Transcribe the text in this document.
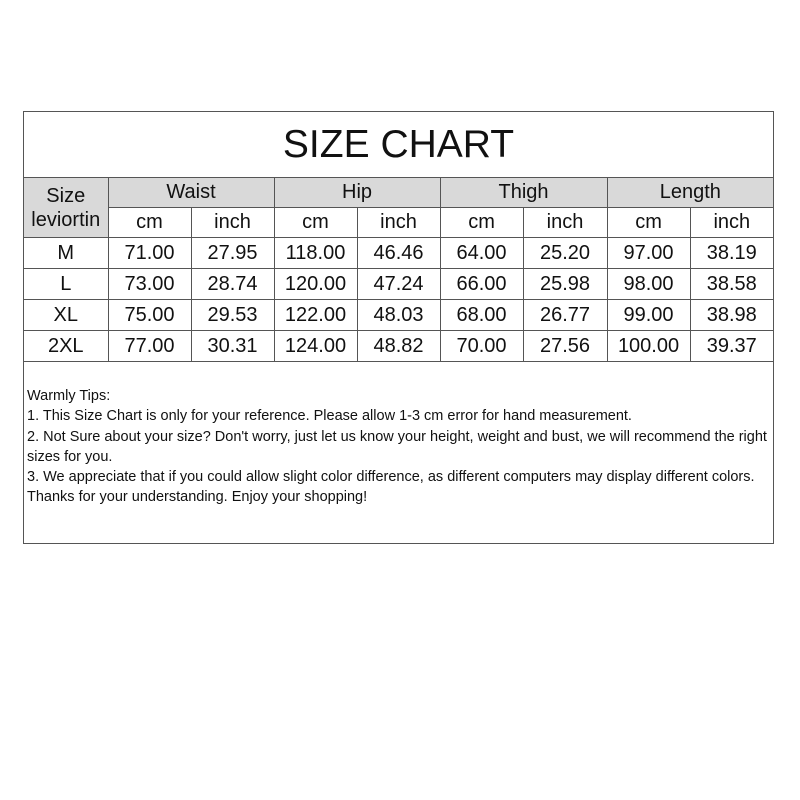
SIZE CHART
Size
leviortin	Waist		Hip		Thigh		Length	
	cm	inch	cm	inch	cm	inch	cm	inch
M	71.00	27.95	118.00	46.46	64.00	25.20	97.00	38.19
L	73.00	28.74	120.00	47.24	66.00	25.98	98.00	38.58
XL	75.00	29.53	122.00	48.03	68.00	26.77	99.00	38.98
2XL	77.00	30.31	124.00	48.82	70.00	27.56	100.00	39.37
Warmly Tips:
1. This Size Chart is only for your reference. Please allow 1-3 cm error for hand measurement.
2. Not Sure about your size? Don't worry, just let us know your height, weight and bust, we will recommend the right sizes for you.
3. We appreciate that if you could allow slight color difference, as different computers may display different colors.
Thanks for your understanding. Enjoy your shopping!
